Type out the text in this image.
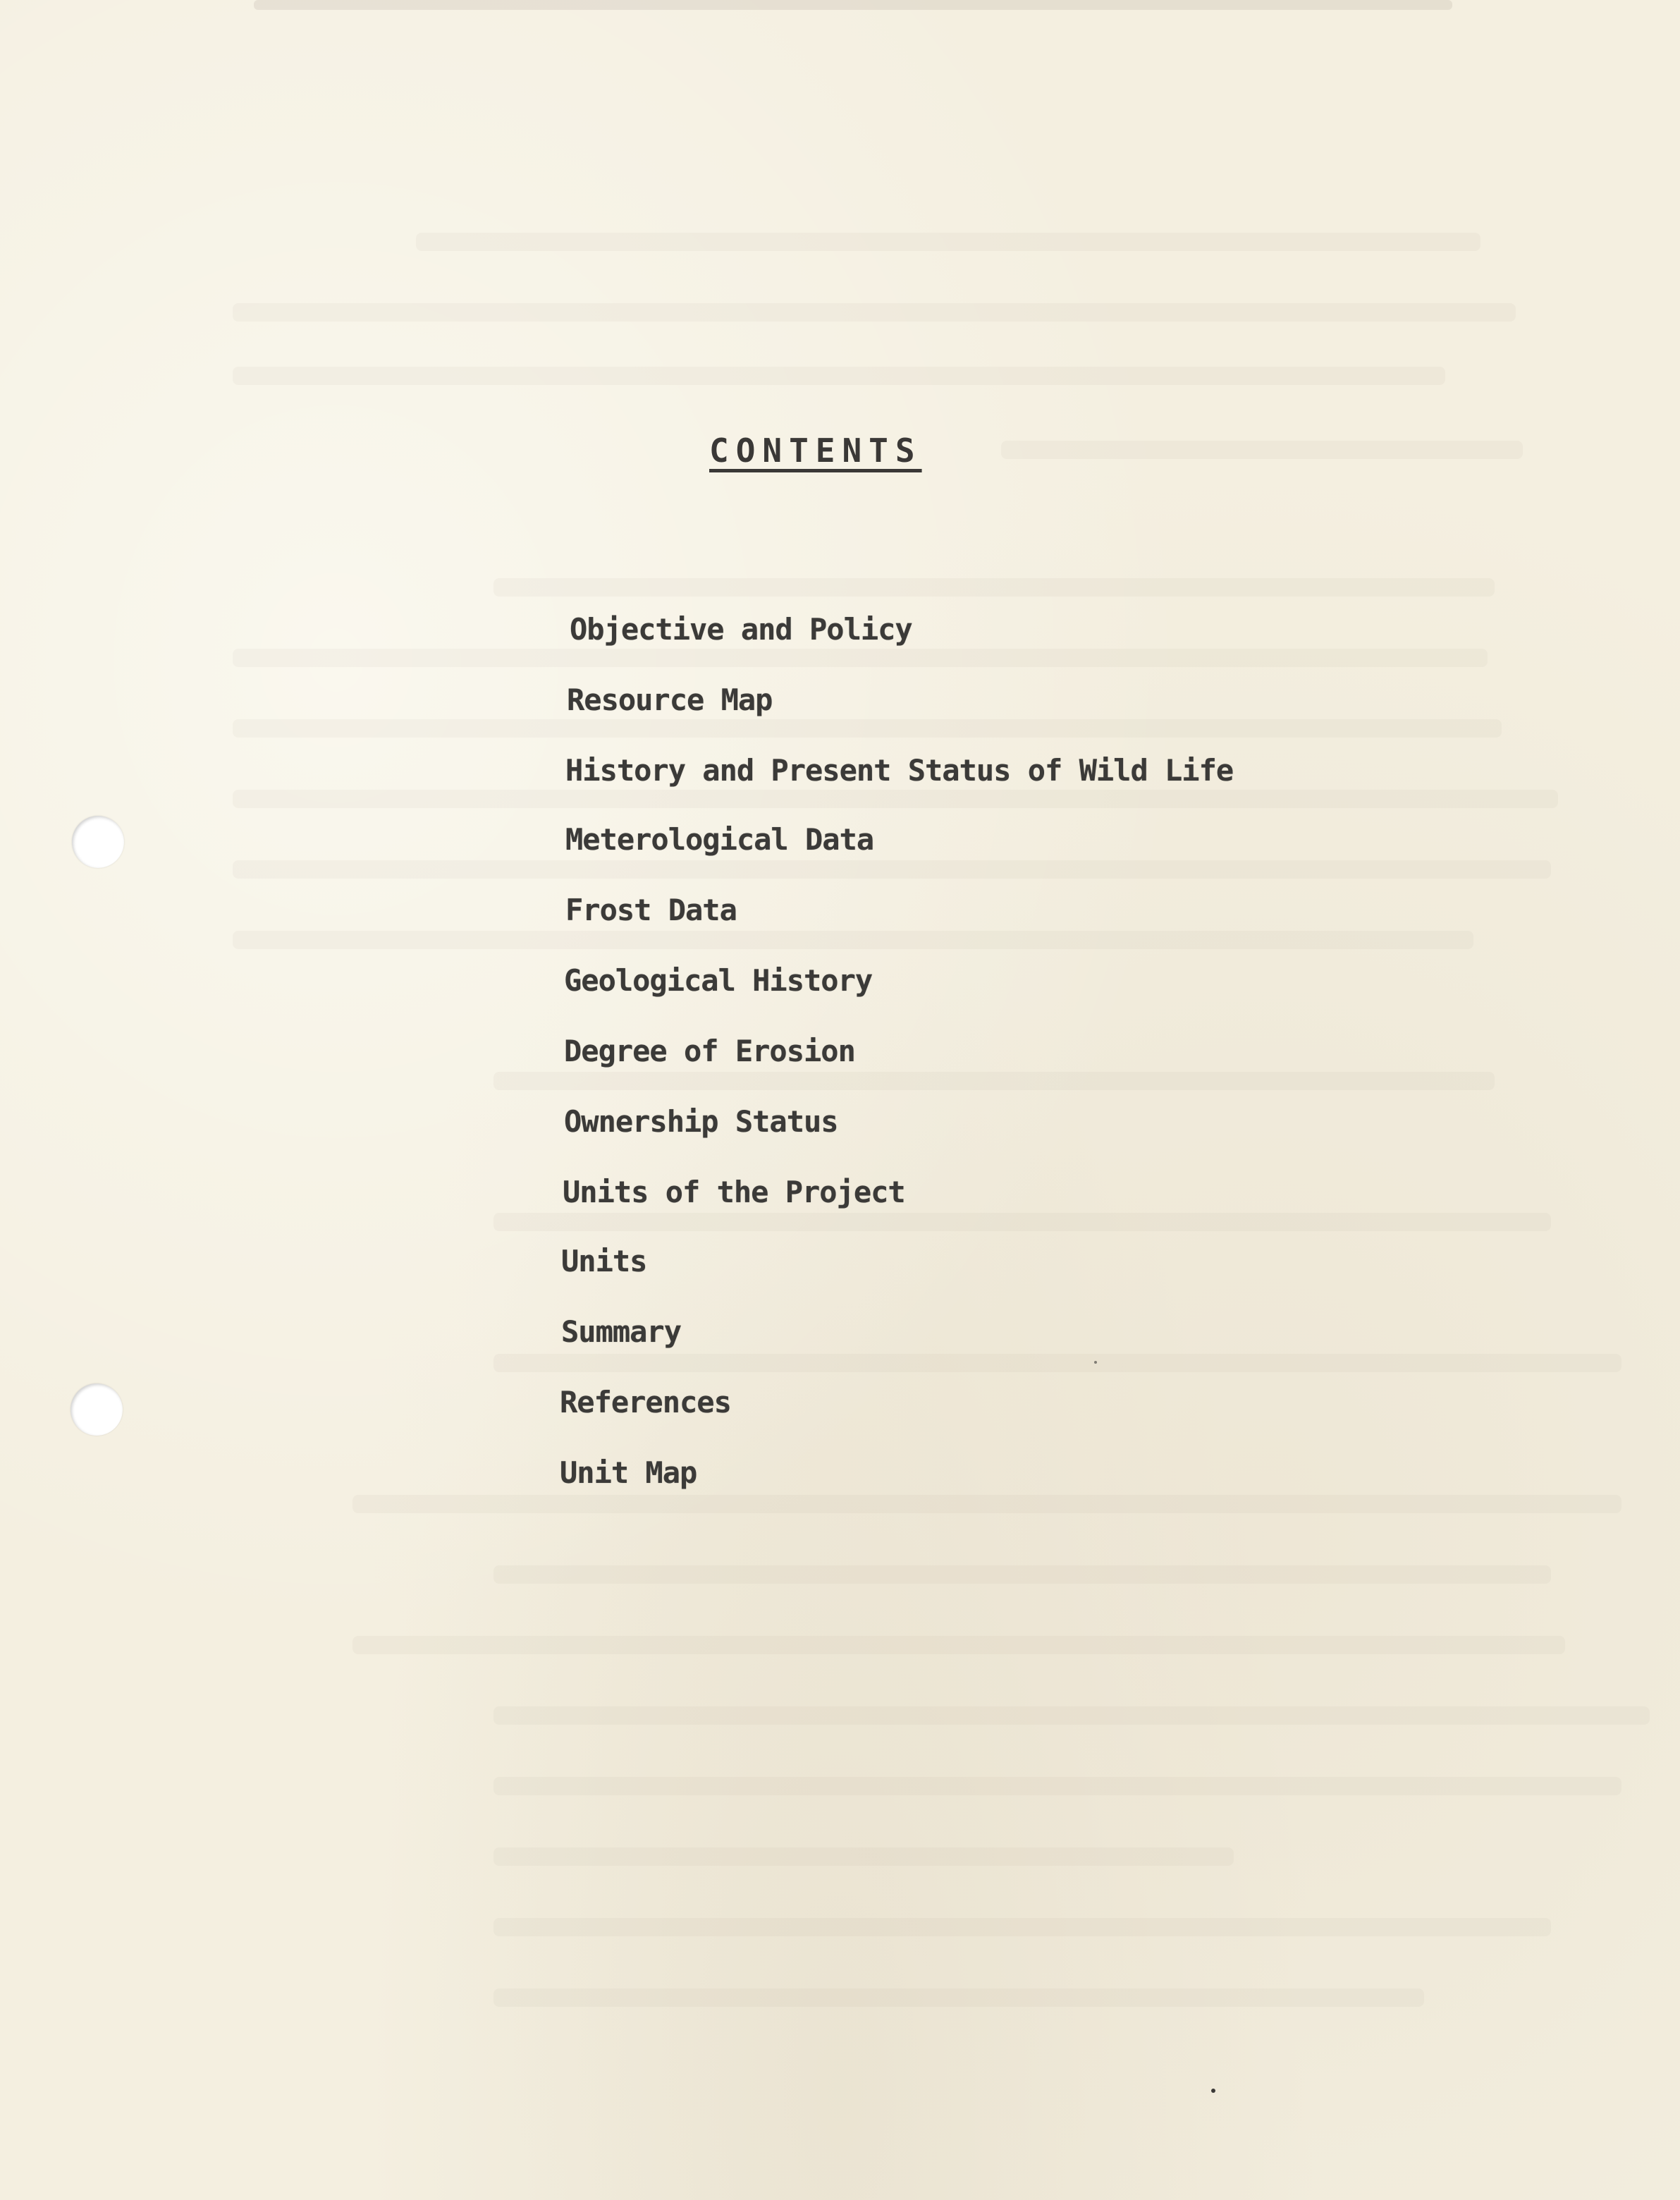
CONTENTS
Objective and Policy
Resource Map
History and Present Status of Wild Life
Meterological Data
Frost Data
Geological History
Degree of Erosion
Ownership Status
Units of the Project
Units
Summary
References
Unit Map
